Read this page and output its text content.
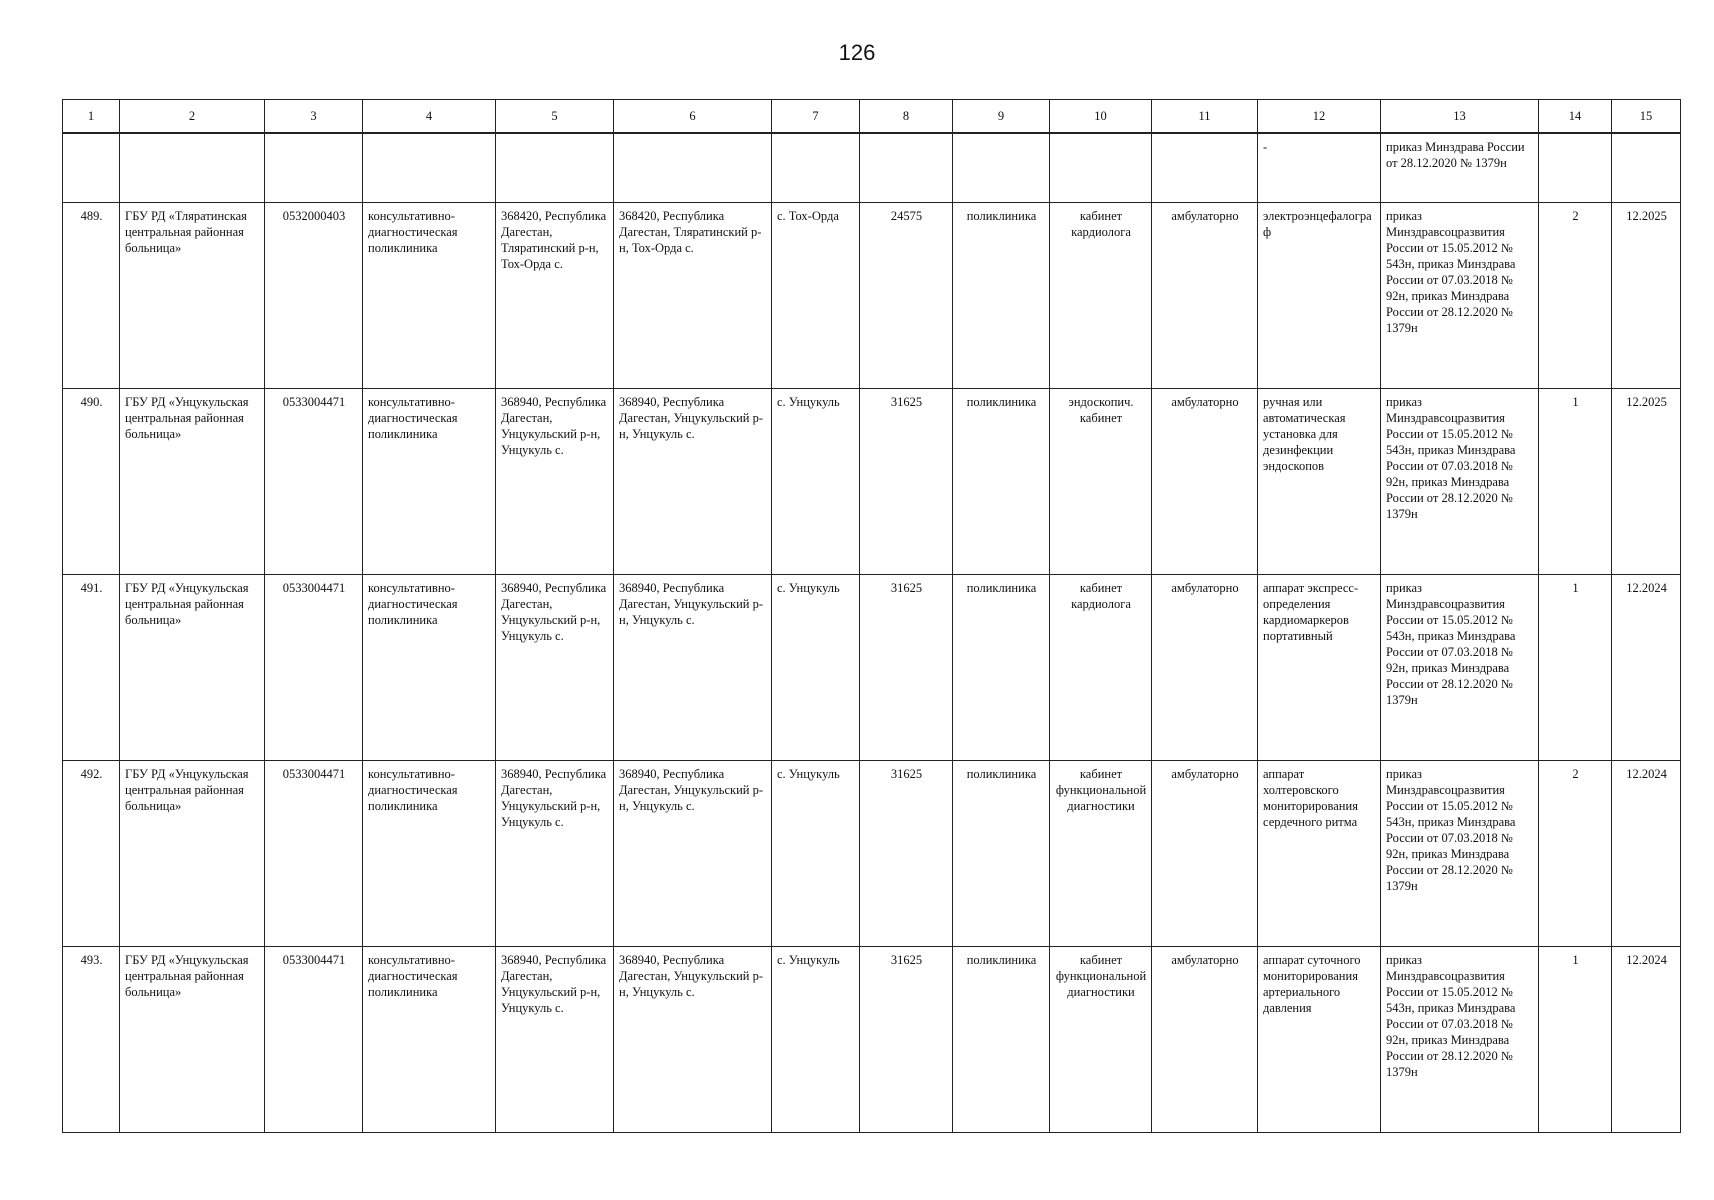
126
1	2	3	4	5	6	7	8	9	10	11	12	13	14	15
											-	приказ Минздрава России от 28.12.2020 № 1379н		
489.	ГБУ РД «Тляратинская центральная районная больница»	0532000403	консультативно-диагностическая поликлиника	368420, Республика Дагестан, Тляратинский р-н, Тох-Орда с.	368420, Республика Дагестан, Тляратинский р-н, Тох-Орда с.	с. Тох-Орда	24575	поликлиника	кабинет кардиолога	амбулаторно	электроэнцефалограф	приказ Минздравсоцразвития России от 15.05.2012 № 543н, приказ Минздрава России от 07.03.2018 № 92н, приказ Минздрава России от 28.12.2020 № 1379н	2	12.2025
490.	ГБУ РД «Унцукульская центральная районная больница»	0533004471	консультативно-диагностическая поликлиника	368940, Республика Дагестан, Унцукульский р-н, Унцукуль с.	368940, Республика Дагестан, Унцукульский р-н, Унцукуль с.	с. Унцукуль	31625	поликлиника	эндоскопич. кабинет	амбулаторно	ручная или автоматическая установка для дезинфекции эндоскопов	приказ Минздравсоцразвития России от 15.05.2012 № 543н, приказ Минздрава России от 07.03.2018 № 92н, приказ Минздрава России от 28.12.2020 № 1379н	1	12.2025
491.	ГБУ РД «Унцукульская центральная районная больница»	0533004471	консультативно-диагностическая поликлиника	368940, Республика Дагестан, Унцукульский р-н, Унцукуль с.	368940, Республика Дагестан, Унцукульский р-н, Унцукуль с.	с. Унцукуль	31625	поликлиника	кабинет кардиолога	амбулаторно	аппарат экспресс-определения кардиомаркеров портативный	приказ Минздравсоцразвития России от 15.05.2012 № 543н, приказ Минздрава России от 07.03.2018 № 92н, приказ Минздрава России от 28.12.2020 № 1379н	1	12.2024
492.	ГБУ РД «Унцукульская центральная районная больница»	0533004471	консультативно-диагностическая поликлиника	368940, Республика Дагестан, Унцукульский р-н, Унцукуль с.	368940, Республика Дагестан, Унцукульский р-н, Унцукуль с.	с. Унцукуль	31625	поликлиника	кабинет функциональной диагностики	амбулаторно	аппарат холтеровского мониторирования сердечного ритма	приказ Минздравсоцразвития России от 15.05.2012 № 543н, приказ Минздрава России от 07.03.2018 № 92н, приказ Минздрава России от 28.12.2020 № 1379н	2	12.2024
493.	ГБУ РД «Унцукульская центральная районная больница»	0533004471	консультативно-диагностическая поликлиника	368940, Республика Дагестан, Унцукульский р-н, Унцукуль с.	368940, Республика Дагестан, Унцукульский р-н, Унцукуль с.	с. Унцукуль	31625	поликлиника	кабинет функциональной диагностики	амбулаторно	аппарат суточного мониторирования артериального давления	приказ Минздравсоцразвития России от 15.05.2012 № 543н, приказ Минздрава России от 07.03.2018 № 92н, приказ Минздрава России от 28.12.2020 № 1379н	1	12.2024
